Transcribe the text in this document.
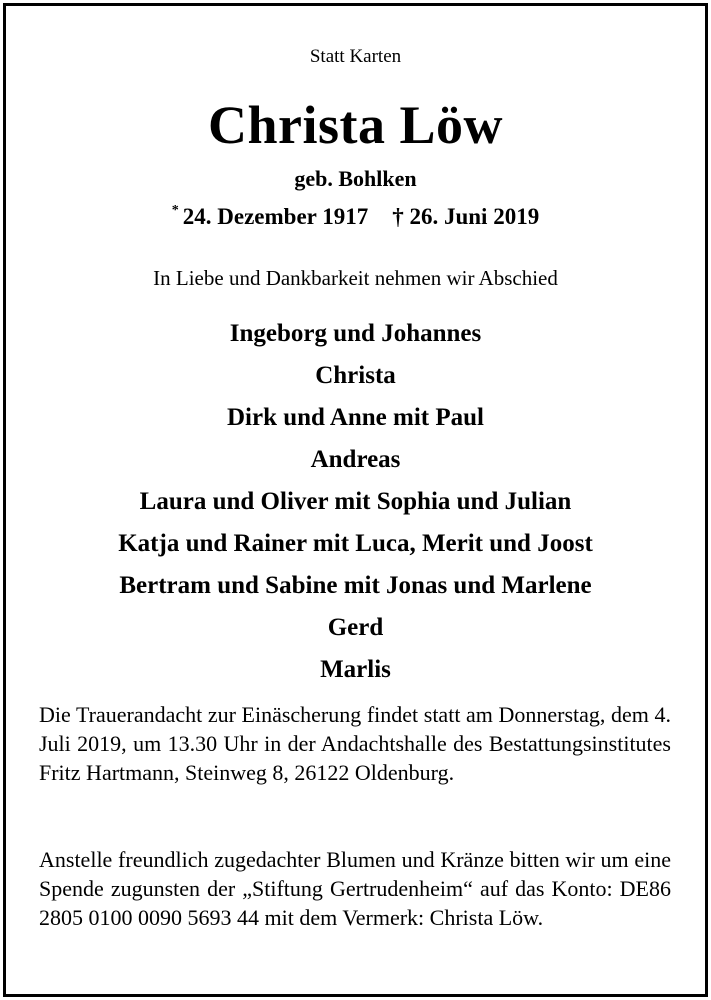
Statt Karten
Christa Löw
geb. Bohlken
* 24. Dezember 1917 † 26. Juni 2019
In Liebe und Dankbarkeit nehmen wir Abschied
Ingeborg und Johannes
Christa
Dirk und Anne mit Paul
Andreas
Laura und Oliver mit Sophia und Julian
Katja und Rainer mit Luca, Merit und Joost
Bertram und Sabine mit Jonas und Marlene
Gerd
Marlis
Die Trauerandacht zur Einäscherung findet statt am Donnerstag, dem 4. Juli 2019, um 13.30 Uhr in der Andachtshalle des Bestattungsinstitutes Fritz Hartmann, Steinweg 8, 26122 Oldenburg.
Anstelle freundlich zugedachter Blumen und Kränze bitten wir um eine Spende zugunsten der „Stiftung Gertrudenheim“ auf das Konto: DE86 2805 0100 0090 5693 44 mit dem Vermerk: Christa Löw.
